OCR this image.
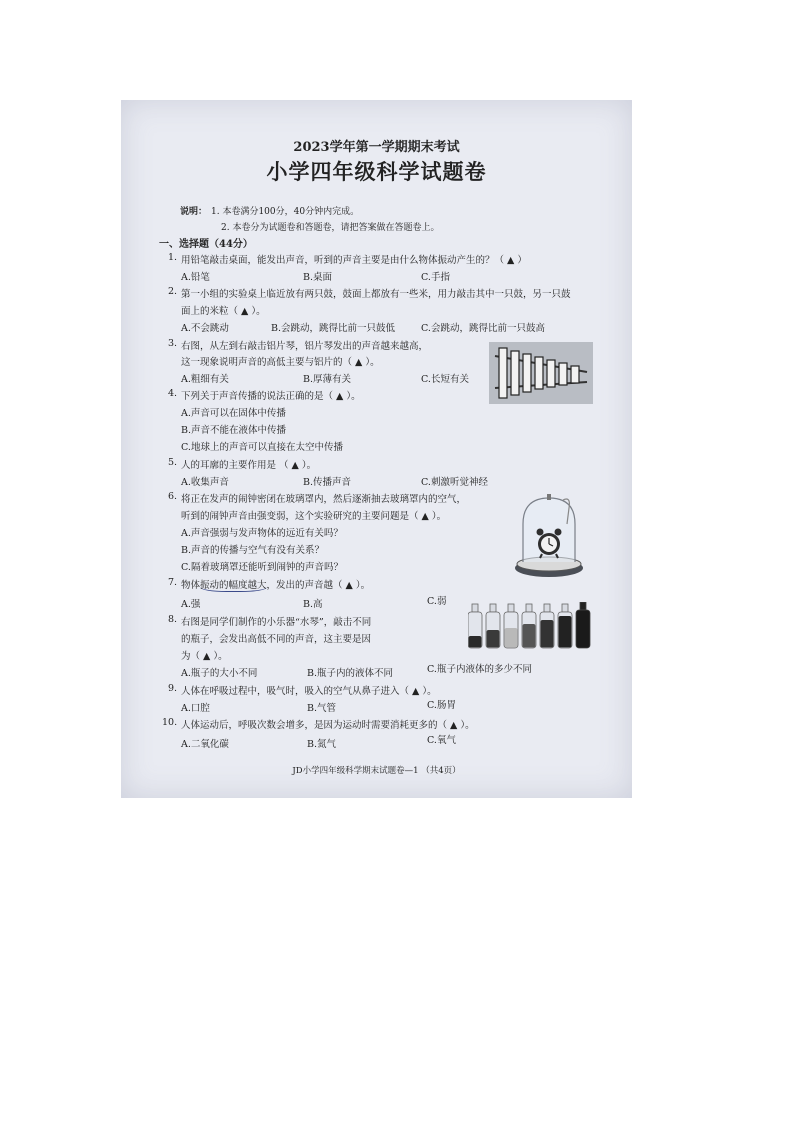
2023学年第一学期期末考试
小学四年级科学试题卷
说明： 1. 本卷满分100分，40分钟内完成。
2. 本卷分为试题卷和答题卷，请把答案做在答题卷上。
一、选择题（44分）
1. 用铅笔敲击桌面，能发出声音，听到的声音主要是由什么物体振动产生的？（ ▲ ）
A.铅笔	B.桌面	C.手指
2. 第一小组的实验桌上临近放有两只鼓，鼓面上都放有一些米，用力敲击其中一只鼓，另一只鼓
面上的米粒（ ▲ ）。
A.不会跳动	B.会跳动，跳得比前一只鼓低	C.会跳动，跳得比前一只鼓高
3. 右图，从左到右敲击铝片琴，铝片琴发出的声音越来越高，
这一现象说明声音的高低主要与铝片的（ ▲ ）。
A.粗细有关	B.厚薄有关	C.长短有关
4. 下列关于声音传播的说法正确的是（ ▲ ）。
A.声音可以在固体中传播
B.声音不能在液体中传播
C.地球上的声音可以直接在太空中传播
5. 人的耳廓的主要作用是 （ ▲ ）。
A.收集声音	B.传播声音	C.刺激听觉神经
6. 将正在发声的闹钟密闭在玻璃罩内，然后逐渐抽去玻璃罩内的空气，
听到的闹钟声音由强变弱，这个实验研究的主要问题是（ ▲ ）。
A.声音强弱与发声物体的远近有关吗？
B.声音的传播与空气有没有关系？
C.隔着玻璃罩还能听到闹钟的声音吗？
7. 物体振动的幅度越大，发出的声音越（ ▲ ）。
A.强	B.高	C.弱
8. 右图是同学们制作的小乐器“水琴”，敲击不同
的瓶子，会发出高低不同的声音，这主要是因
为（ ▲ ）。
A.瓶子的大小不同	B.瓶子内的液体不同	C.瓶子内液体的多少不同
9. 人体在呼吸过程中，吸气时，吸入的空气从鼻子进入（ ▲ ）。
A.口腔	B.气管	C.肠胃
10. 人体运动后，呼吸次数会增多，是因为运动时需要消耗更多的（ ▲ ）。
A.二氧化碳	B.氮气	C.氧气
JD小学四年级科学期末试题卷—1 （共4页）
